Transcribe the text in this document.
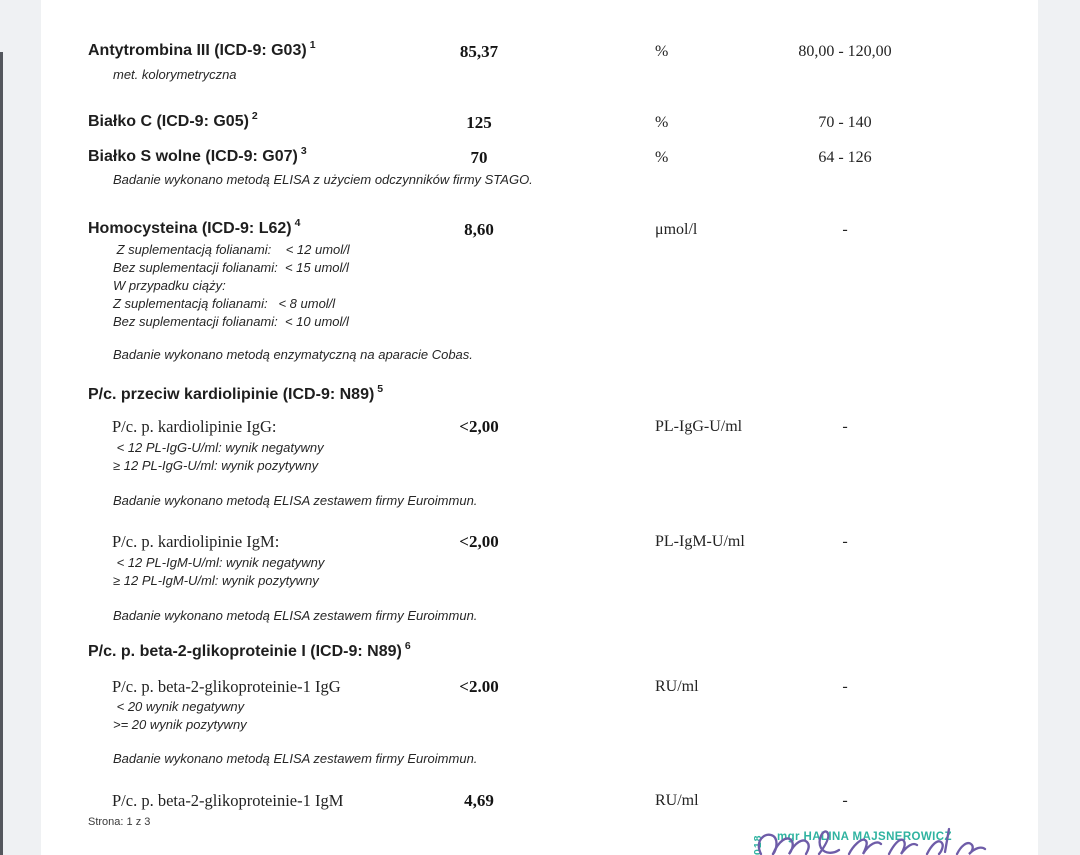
Antytrombina III (ICD-9: G03) 1	85,37	%	80,00 - 120,00
met. kolorymetryczna
Białko C (ICD-9: G05) 2	125	%	70 - 140
Białko S wolne (ICD-9: G07) 3	70	%	64 - 126
Badanie wykonano metodą ELISA z użyciem odczynników firmy STAGO.
Homocysteina (ICD-9: L62) 4	8,60	μmol/l	-
Z suplementacją folianami:    < 12 umol/l
Bez suplementacji folianami:  < 15 umol/l
W przypadku ciąży:
Z suplementacją folianami:   < 8 umol/l
Bez suplementacji folianami:  < 10 umol/l
Badanie wykonano metodą enzymatyczną na aparacie Cobas.
P/c. przeciw kardiolipinie (ICD-9: N89) 5
P/c. p. kardiolipinie IgG:	<2,00	PL-IgG-U/ml	-
< 12 PL-IgG-U/ml: wynik negatywny
≥ 12 PL-IgG-U/ml: wynik pozytywny
Badanie wykonano metodą ELISA zestawem firmy Euroimmun.
P/c. p. kardiolipinie IgM:	<2,00	PL-IgM-U/ml	-
< 12 PL-IgM-U/ml: wynik negatywny
≥ 12 PL-IgM-U/ml: wynik pozytywny
Badanie wykonano metodą ELISA zestawem firmy Euroimmun.
P/c. p. beta-2-glikoproteinie I (ICD-9: N89) 6
P/c. p. beta-2-glikoproteinie-1 IgG	<2.00	RU/ml	-
< 20 wynik negatywny
>= 20 wynik pozytywny
Badanie wykonano metodą ELISA zestawem firmy Euroimmun.
P/c. p. beta-2-glikoproteinie-1 IgM	4,69	RU/ml	-
Strona: 1 z 3
018 mgr HALINA MAJSNEROWICZ
